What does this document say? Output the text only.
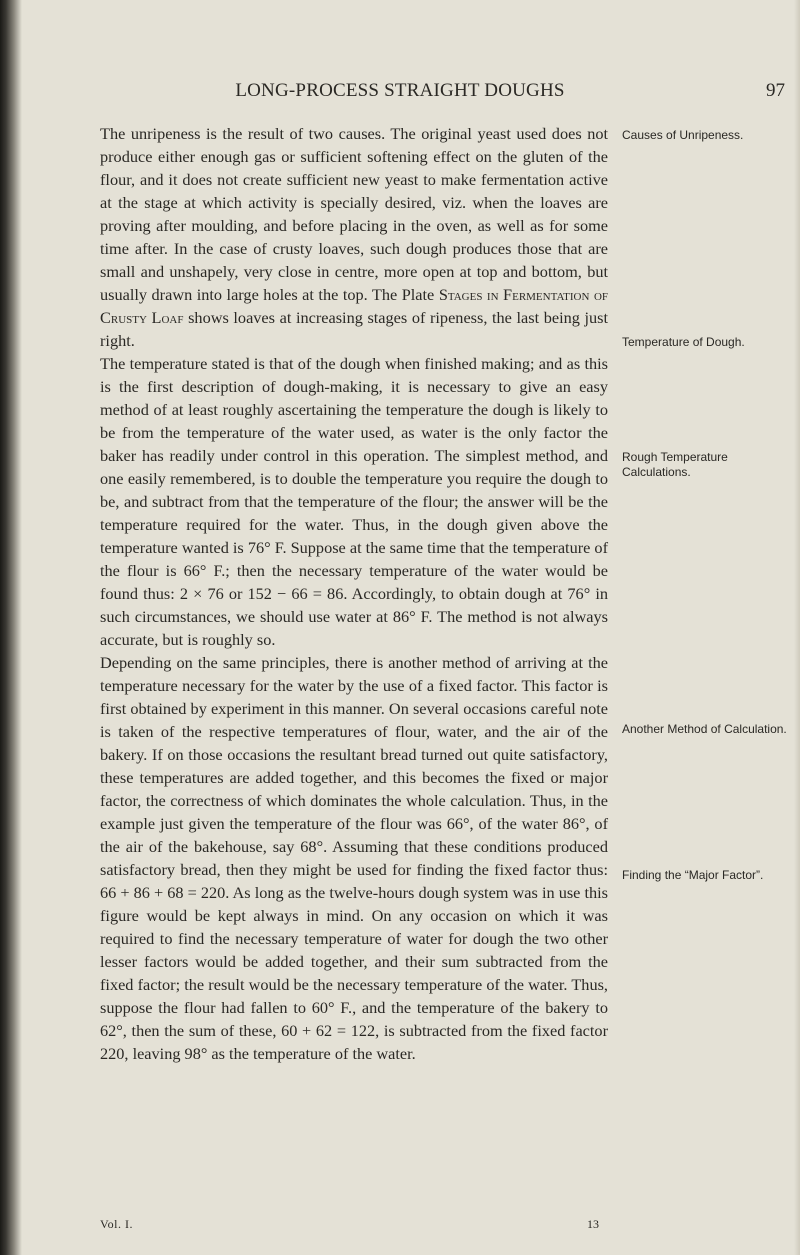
LONG-PROCESS STRAIGHT DOUGHS	97

The unripeness is the result of two causes. The original yeast used does not produce either enough gas or sufficient softening effect on the gluten of the flour, and it does not create sufficient new yeast to make fermentation active at the stage at which activity is specially desired, viz. when the loaves are proving after moulding, and before placing in the oven, as well as for some time after. In the case of crusty loaves, such dough produces those that are small and unshapely, very close in centre, more open at top and bottom, but usually drawn into large holes at the top. The Plate Stages in Fermentation of Crusty Loaf shows loaves at increasing stages of ripeness, the last being just right.

The temperature stated is that of the dough when finished making; and as this is the first description of dough-making, it is necessary to give an easy method of at least roughly ascertaining the temperature the dough is likely to be from the temperature of the water used, as water is the only factor the baker has readily under control in this operation. The simplest method, and one easily remembered, is to double the temperature you require the dough to be, and subtract from that the temperature of the flour; the answer will be the temperature required for the water. Thus, in the dough given above the temperature wanted is 76° F. Suppose at the same time that the temperature of the flour is 66° F.; then the necessary temperature of the water would be found thus: 2 × 76 or 152 − 66 = 86. Accordingly, to obtain dough at 76° in such circumstances, we should use water at 86° F. The method is not always accurate, but is roughly so.

Depending on the same principles, there is another method of arriving at the temperature necessary for the water by the use of a fixed factor. This factor is first obtained by experiment in this manner. On several occasions careful note is taken of the respective temperatures of flour, water, and the air of the bakery. If on those occasions the resultant bread turned out quite satisfactory, these temperatures are added together, and this becomes the fixed or major factor, the correctness of which dominates the whole calculation. Thus, in the example just given the temperature of the flour was 66°, of the water 86°, of the air of the bakehouse, say 68°. Assuming that these conditions produced satisfactory bread, then they might be used for finding the fixed factor thus: 66 + 86 + 68 = 220. As long as the twelve-hours dough system was in use this figure would be kept always in mind. On any occasion on which it was required to find the necessary temperature of water for dough the two other lesser factors would be added together, and their sum subtracted from the fixed factor; the result would be the necessary temperature of the water. Thus, suppose the flour had fallen to 60° F., and the temperature of the bakery to 62°, then the sum of these, 60 + 62 = 122, is subtracted from the fixed factor 220, leaving 98° as the temperature of the water.

Causes of Unripeness.
Temperature of Dough.
Rough Temperature Calculations.
Another Method of Calculation.
Finding the “Major Factor”.
Vol. I.	13
